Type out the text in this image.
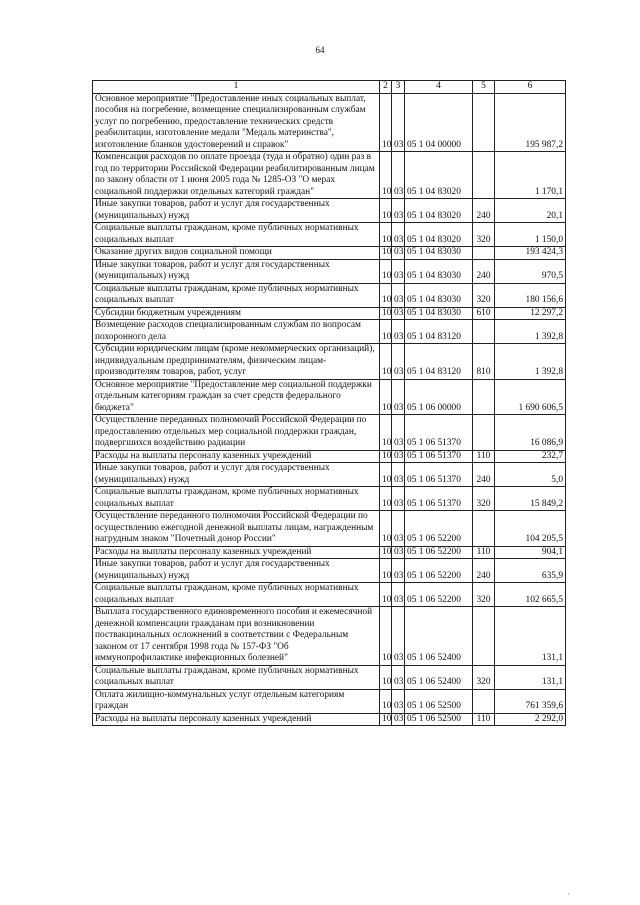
64
1	2	3	4	5	6
Основное мероприятие "Предоставление иных социальных выплат, пособия на погребение, возмещение специализированным службам услуг по погребению, предоставление технических средств реабилитации, изготовление медали "Медаль материнства", изготовление бланков удостоверений и справок"	10	03	05 1 04 00000		195 987,2
Компенсация расходов по оплате проезда (туда и обратно) один раз в год по территории Российской Федерации реабилитированным лицам по закону области от 1 июня 2005 года № 1285-ОЗ "О мерах социальной поддержки отдельных категорий граждан"	10	03	05 1 04 83020		1 170,1
Иные закупки товаров, работ и услуг для государственных (муниципальных) нужд	10	03	05 1 04 83020	240	20,1
Социальные выплаты гражданам, кроме публичных нормативных социальных выплат	10	03	05 1 04 83020	320	1 150,0
Оказание других видов социальной помощи	10	03	05 1 04 83030		193 424,3
Иные закупки товаров, работ и услуг для государственных (муниципальных) нужд	10	03	05 1 04 83030	240	970,5
Социальные выплаты гражданам, кроме публичных нормативных социальных выплат	10	03	05 1 04 83030	320	180 156,6
Субсидии бюджетным учреждениям	10	03	05 1 04 83030	610	12 297,2
Возмещение расходов специализированным службам по вопросам похоронного дела	10	03	05 1 04 83120		1 392,8
Субсидии юридическим лицам (кроме некоммерческих организаций), индивидуальным предпринимателям, физическим лицам-производителям товаров, работ, услуг	10	03	05 1 04 83120	810	1 392,8
Основное мероприятие "Предоставление мер социальной поддержки отдельным категориям граждан за счет средств федерального бюджета"	10	03	05 1 06 00000		1 690 606,5
Осуществление переданных полномочий Российской Федерации по предоставлению отдельных мер социальной поддержки граждан, подвергшихся воздействию радиации	10	03	05 1 06 51370		16 086,9
Расходы на выплаты персоналу казенных учреждений	10	03	05 1 06 51370	110	232,7
Иные закупки товаров, работ и услуг для государственных (муниципальных) нужд	10	03	05 1 06 51370	240	5,0
Социальные выплаты гражданам, кроме публичных нормативных социальных выплат	10	03	05 1 06 51370	320	15 849,2
Осуществление переданного полномочия Российской Федерации по осуществлению ежегодной денежной выплаты лицам, награжденным нагрудным знаком "Почетный донор России"	10	03	05 1 06 52200		104 205,5
Расходы на выплаты персоналу казенных учреждений	10	03	05 1 06 52200	110	904,1
Иные закупки товаров, работ и услуг для государственных (муниципальных) нужд	10	03	05 1 06 52200	240	635,9
Социальные выплаты гражданам, кроме публичных нормативных социальных выплат	10	03	05 1 06 52200	320	102 665,5
Выплата государственного единовременного пособия и ежемесячной денежной компенсации гражданам при возникновении поствакцинальных осложнений в соответствии с Федеральным законом от 17 сентября 1998 года № 157-ФЗ "Об иммунопрофилактике инфекционных болезней"	10	03	05 1 06 52400		131,1
Социальные выплаты гражданам, кроме публичных нормативных социальных выплат	10	03	05 1 06 52400	320	131,1
Оплата жилищно-коммунальных услуг отдельным категориям граждан	10	03	05 1 06 52500		761 359,6
Расходы на выплаты персоналу казенных учреждений	10	03	05 1 06 52500	110	2 292,0
·
